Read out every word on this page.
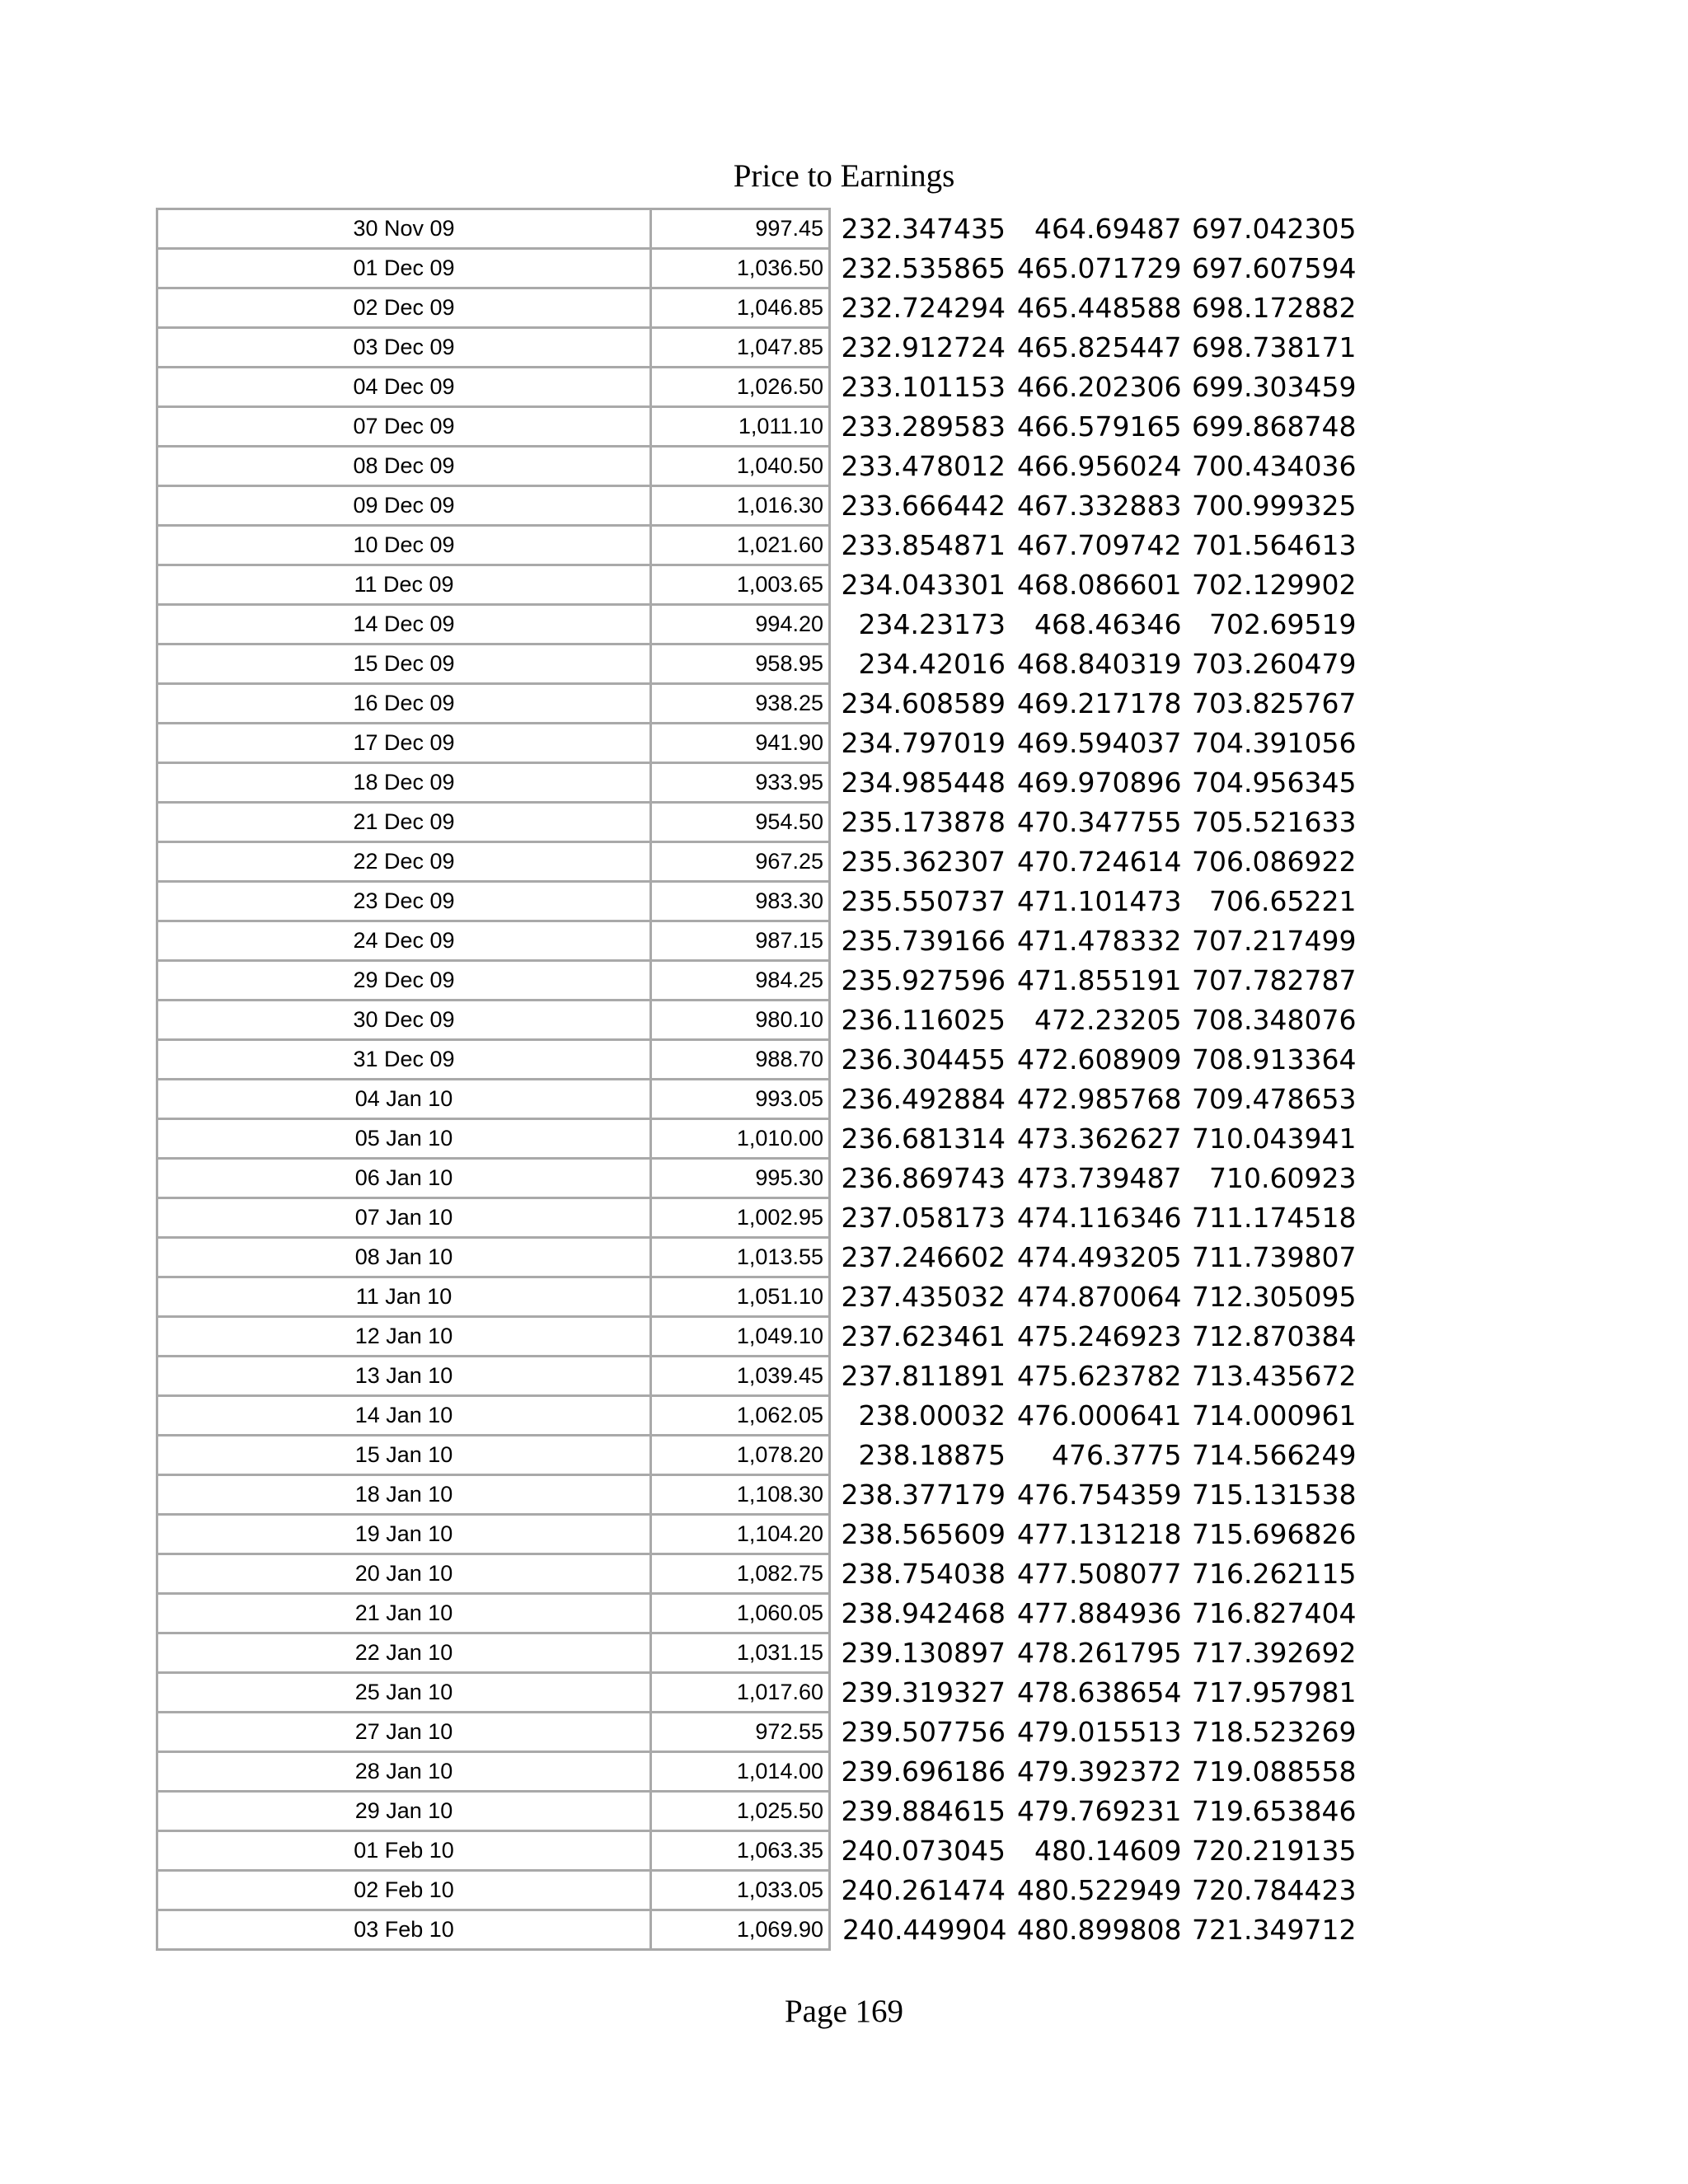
Price to Earnings
30 Nov 09	997.45	232.347435	464.69487	697.042305
01 Dec 09	1,036.50	232.535865	465.071729	697.607594
02 Dec 09	1,046.85	232.724294	465.448588	698.172882
03 Dec 09	1,047.85	232.912724	465.825447	698.738171
04 Dec 09	1,026.50	233.101153	466.202306	699.303459
07 Dec 09	1,011.10	233.289583	466.579165	699.868748
08 Dec 09	1,040.50	233.478012	466.956024	700.434036
09 Dec 09	1,016.30	233.666442	467.332883	700.999325
10 Dec 09	1,021.60	233.854871	467.709742	701.564613
11 Dec 09	1,003.65	234.043301	468.086601	702.129902
14 Dec 09	994.20	234.23173	468.46346	702.69519
15 Dec 09	958.95	234.42016	468.840319	703.260479
16 Dec 09	938.25	234.608589	469.217178	703.825767
17 Dec 09	941.90	234.797019	469.594037	704.391056
18 Dec 09	933.95	234.985448	469.970896	704.956345
21 Dec 09	954.50	235.173878	470.347755	705.521633
22 Dec 09	967.25	235.362307	470.724614	706.086922
23 Dec 09	983.30	235.550737	471.101473	706.65221
24 Dec 09	987.15	235.739166	471.478332	707.217499
29 Dec 09	984.25	235.927596	471.855191	707.782787
30 Dec 09	980.10	236.116025	472.23205	708.348076
31 Dec 09	988.70	236.304455	472.608909	708.913364
04 Jan 10	993.05	236.492884	472.985768	709.478653
05 Jan 10	1,010.00	236.681314	473.362627	710.043941
06 Jan 10	995.30	236.869743	473.739487	710.60923
07 Jan 10	1,002.95	237.058173	474.116346	711.174518
08 Jan 10	1,013.55	237.246602	474.493205	711.739807
11 Jan 10	1,051.10	237.435032	474.870064	712.305095
12 Jan 10	1,049.10	237.623461	475.246923	712.870384
13 Jan 10	1,039.45	237.811891	475.623782	713.435672
14 Jan 10	1,062.05	238.00032	476.000641	714.000961
15 Jan 10	1,078.20	238.18875	476.3775	714.566249
18 Jan 10	1,108.30	238.377179	476.754359	715.131538
19 Jan 10	1,104.20	238.565609	477.131218	715.696826
20 Jan 10	1,082.75	238.754038	477.508077	716.262115
21 Jan 10	1,060.05	238.942468	477.884936	716.827404
22 Jan 10	1,031.15	239.130897	478.261795	717.392692
25 Jan 10	1,017.60	239.319327	478.638654	717.957981
27 Jan 10	972.55	239.507756	479.015513	718.523269
28 Jan 10	1,014.00	239.696186	479.392372	719.088558
29 Jan 10	1,025.50	239.884615	479.769231	719.653846
01 Feb 10	1,063.35	240.073045	480.14609	720.219135
02 Feb 10	1,033.05	240.261474	480.522949	720.784423
03 Feb 10	1,069.90	240.449904	480.899808	721.349712
Page 169
